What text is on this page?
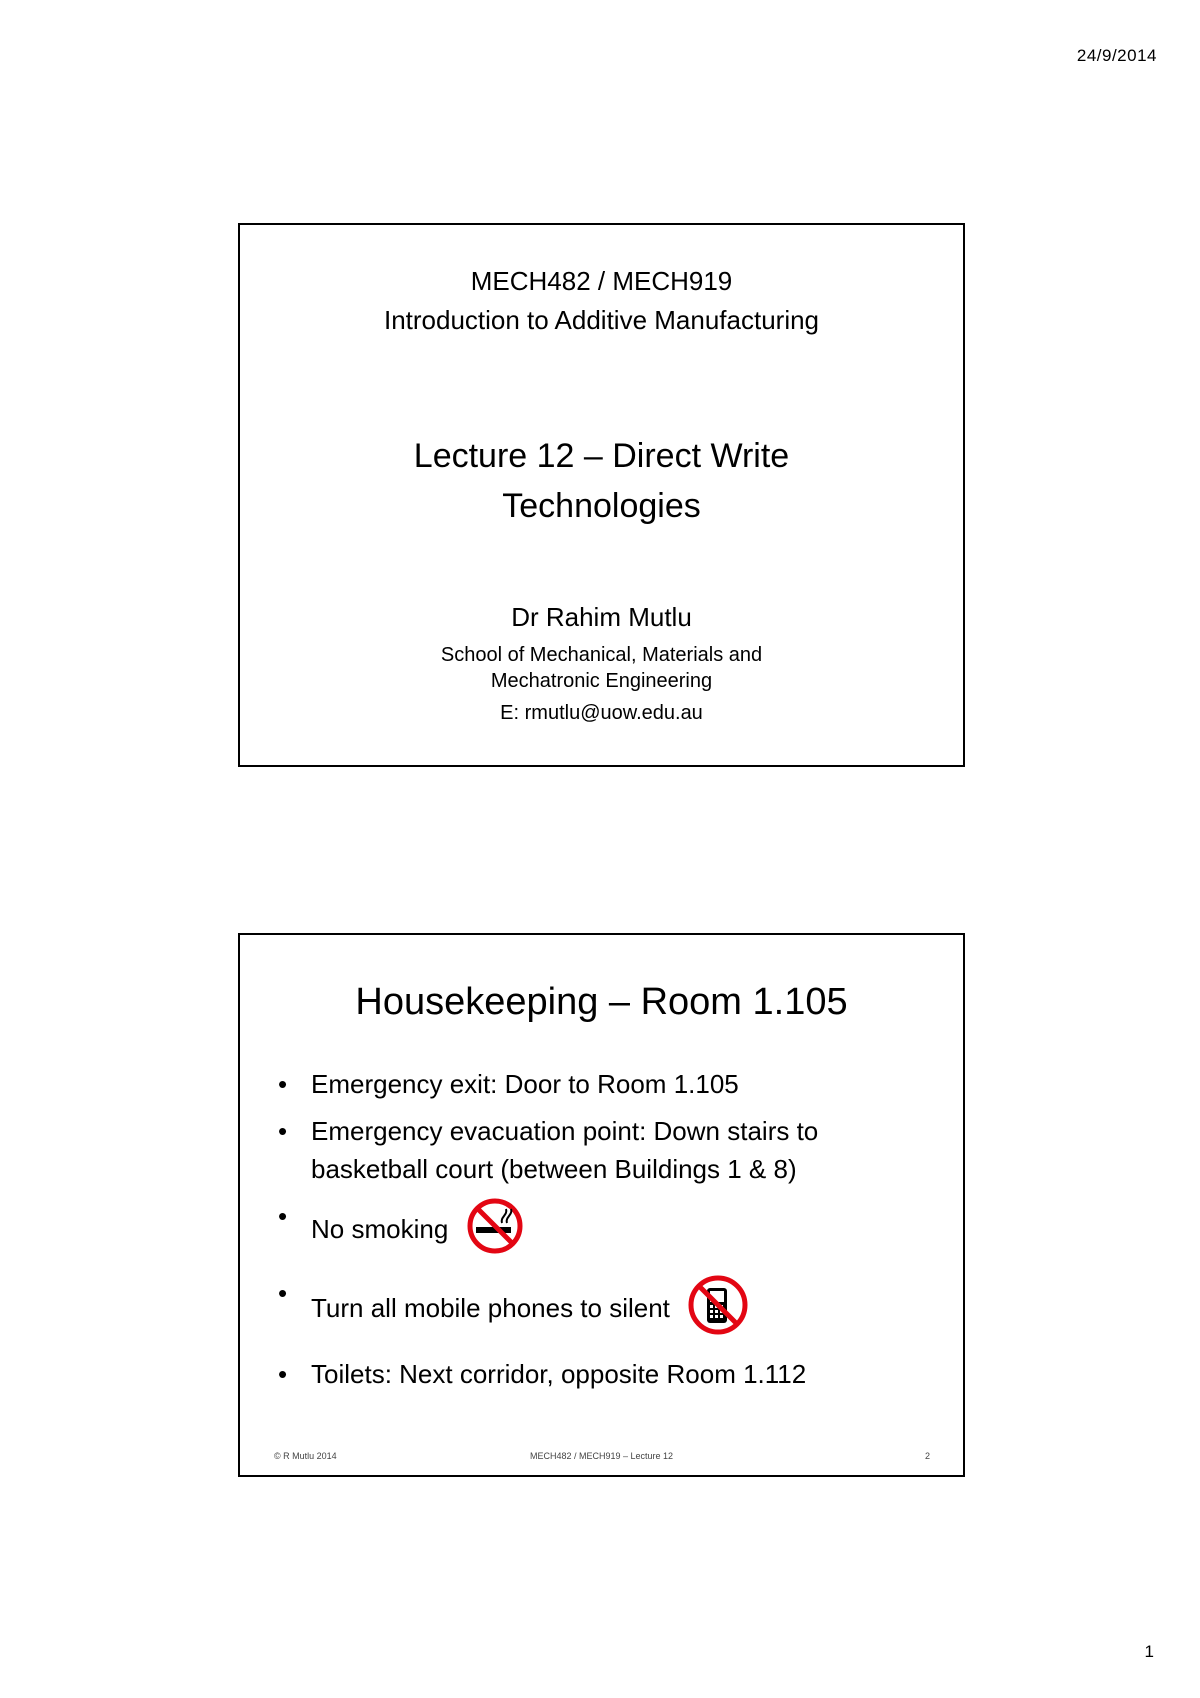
24/9/2014
MECH482 / MECH919
Introduction to Additive Manufacturing
Lecture 12 – Direct Write
Technologies
Dr Rahim Mutlu
School of Mechanical, Materials and
Mechatronic Engineering
E: rmutlu@uow.edu.au
Housekeeping – Room 1.105
• Emergency exit: Door to Room 1.105
• Emergency evacuation point: Down stairs to
basketball court (between Buildings 1 & 8)
• No smoking
• Turn all mobile phones to silent
• Toilets: Next corridor, opposite Room 1.112
© R Mutlu 2014	MECH482 / MECH919 – Lecture 12	2
1
